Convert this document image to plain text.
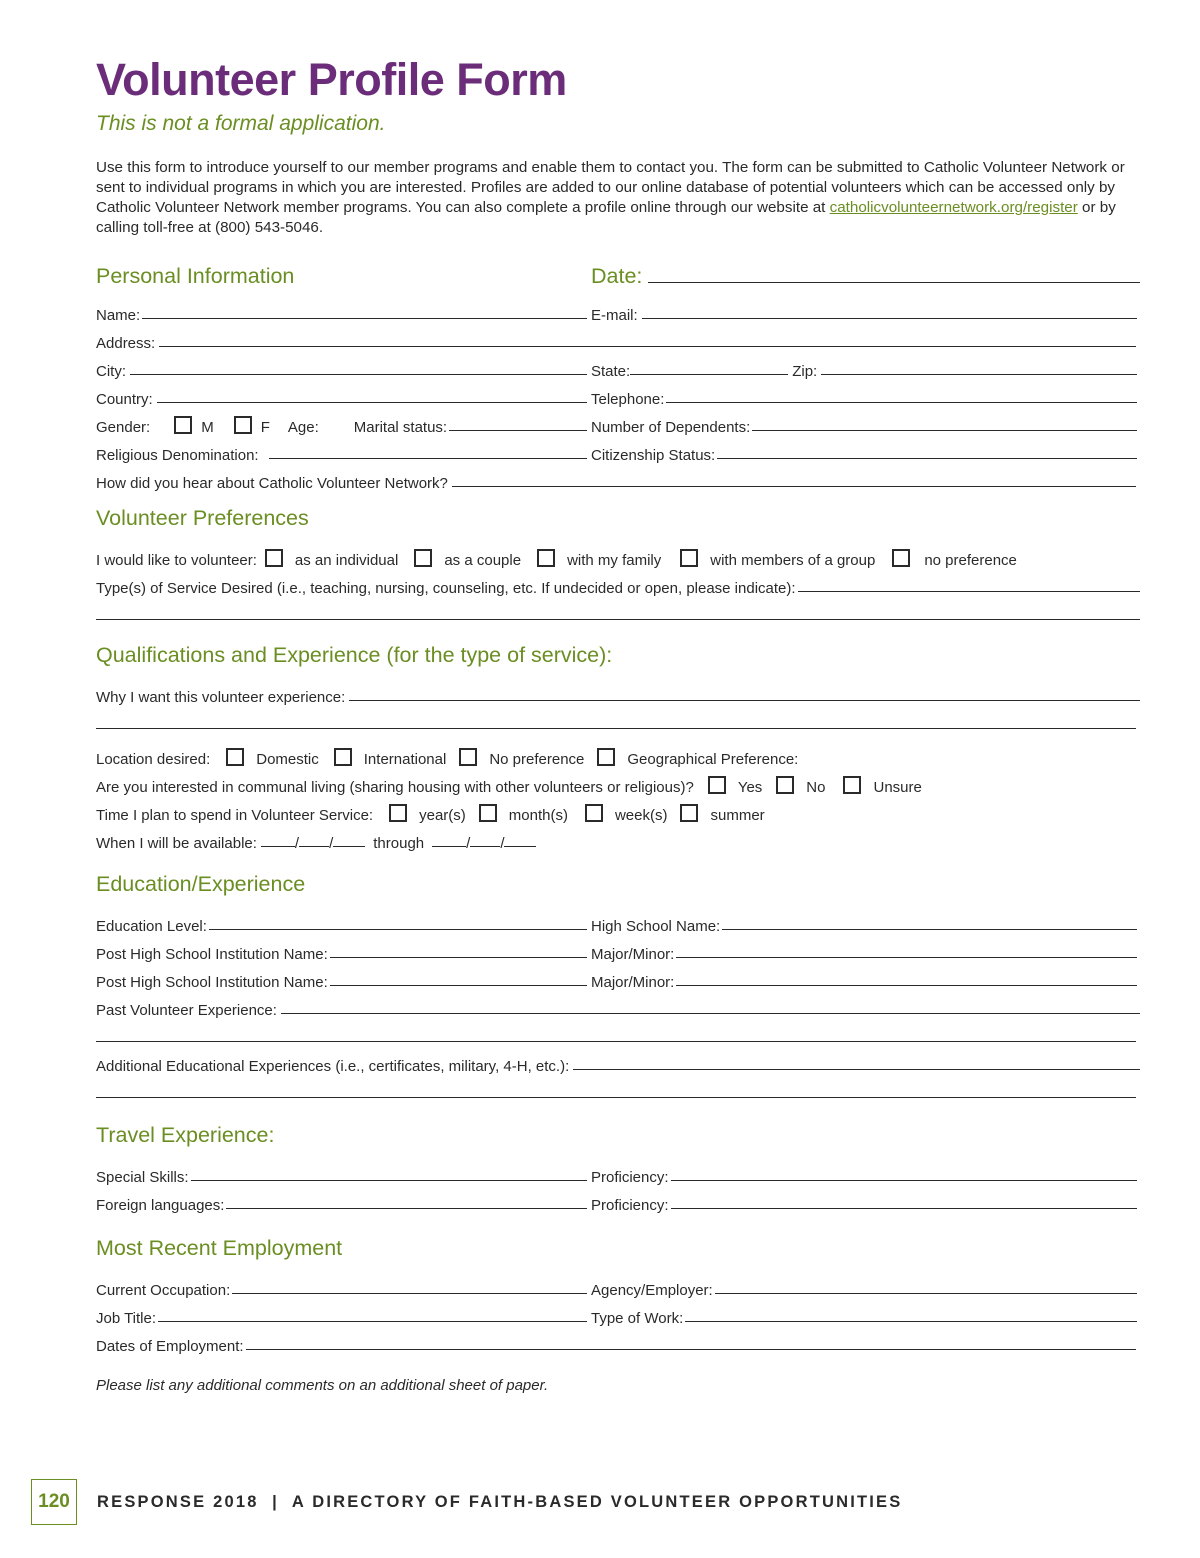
Volunteer Profile Form
This is not a formal application.
Use this form to introduce yourself to our member programs and enable them to contact you. The form can be submitted to Catholic Volunteer Network or sent to individual programs in which you are interested. Profiles are added to our online database of potential volunteers which can be accessed only by Catholic Volunteer Network member programs. You can also complete a profile online through our website at catholicvolunteernetwork.org/register or by calling toll-free at (800) 543-5046.
Personal Information	Date:
Name:	E-mail:
Address:
City:	State:	Zip:
Country:	Telephone:
Gender:	M	F Age: Marital status:	Number of Dependents:
Religious Denomination:	Citizenship Status:
How did you hear about Catholic Volunteer Network?
Volunteer Preferences
I would like to volunteer:	as an individual	as a couple	with my family	with members of a group	no preference
Type(s) of Service Desired (i.e., teaching, nursing, counseling, etc. If undecided or open, please indicate):
Qualifications and Experience (for the type of service):
Why I want this volunteer experience:
Location desired:	Domestic	International	No preference	Geographical Preference:
Are you interested in communal living (sharing housing with other volunteers or religious)?	Yes	No	Unsure
Time I plan to spend in Volunteer Service:	year(s)	month(s)	week(s)	summer
When I will be available:	/ /	through	/ /
Education/Experience
Education Level:	High School Name:
Post High School Institution Name:	Major/Minor:
Post High School Institution Name:	Major/Minor:
Past Volunteer Experience:
Additional Educational Experiences (i.e., certificates, military, 4-H, etc.):
Travel Experience:
Special Skills:	Proficiency:
Foreign languages:	Proficiency:
Most Recent Employment
Current Occupation:	Agency/Employer:
Job Title:	Type of Work:
Dates of Employment:
Please list any additional comments on an additional sheet of paper.
120	RESPONSE 2018  |  A DIRECTORY OF FAITH-BASED VOLUNTEER OPPORTUNITIES
